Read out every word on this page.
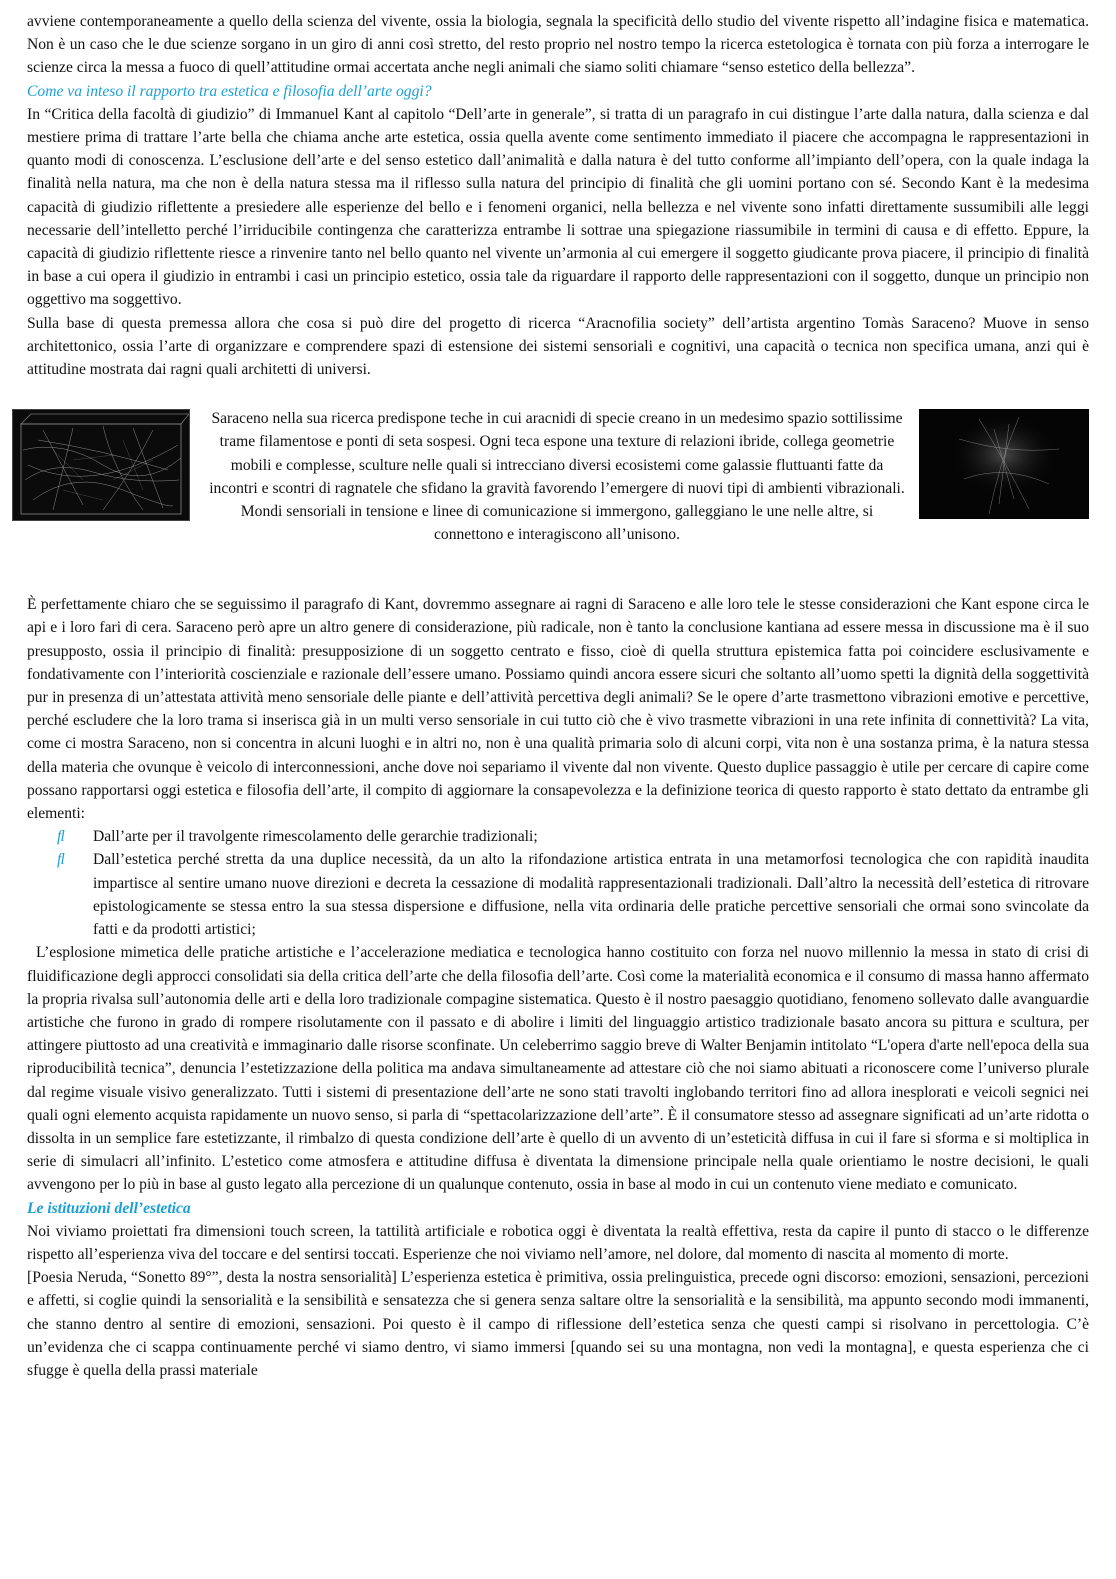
avviene contemporaneamente a quello della scienza del vivente, ossia la biologia, segnala la specificità dello studio del vivente rispetto all’indagine fisica e matematica. Non è un caso che le due scienze sorgano in un giro di anni così stretto, del resto proprio nel nostro tempo la ricerca estetologica è tornata con più forza a interrogare le scienze circa la messa a fuoco di quell’attitudine ormai accertata anche negli animali che siamo soliti chiamare “senso estetico della bellezza”.

Come va inteso il rapporto tra estetica e filosofia dell’arte oggi?

In “Critica della facoltà di giudizio” di Immanuel Kant al capitolo “Dell’arte in generale”, si tratta di un paragrafo in cui distingue l’arte dalla natura, dalla scienza e dal mestiere prima di trattare l’arte bella che chiama anche arte estetica, ossia quella avente come sentimento immediato il piacere che accompagna le rappresentazioni in quanto modi di conoscenza. L’esclusione dell’arte e del senso estetico dall’animalità e dalla natura è del tutto conforme all’impianto dell’opera, con la quale indaga la finalità nella natura, ma che non è della natura stessa ma il riflesso sulla natura del principio di finalità che gli uomini portano con sé. Secondo Kant è la medesima capacità di giudizio riflettente a presiedere alle esperienze del bello e i fenomeni organici, nella bellezza e nel vivente sono infatti direttamente sussumibili alle leggi necessarie dell’intelletto perché l’irriducibile contingenza che caratterizza entrambe li sottrae una spiegazione riassumibile in termini di causa e di effetto. Eppure, la capacità di giudizio riflettente riesce a rinvenire tanto nel bello quanto nel vivente un’armonia al cui emergere il soggetto giudicante prova piacere, il principio di finalità in base a cui opera il giudizio in entrambi i casi un principio estetico, ossia tale da riguardare il rapporto delle rappresentazioni con il soggetto, dunque un principio non oggettivo ma soggettivo.

Sulla base di questa premessa allora che cosa si può dire del progetto di ricerca “Aracnofilia society” dell’artista argentino Tomàs Saraceno? Muove in senso architettonico, ossia l’arte di organizzare e comprendere spazi di estensione dei sistemi sensoriali e cognitivi, una capacità o tecnica non specifica umana, anzi qui è attitudine mostrata dai ragni quali architetti di universi.

Saraceno nella sua ricerca predispone teche in cui aracnidi di specie creano in un medesimo spazio sottilissime trame filamentose e ponti di seta sospesi. Ogni teca espone una texture di relazioni ibride, collega geometrie mobili e complesse, sculture nelle quali si intrecciano diversi ecosistemi come galassie fluttuanti fatte da incontri e scontri di ragnatele che sfidano la gravità favorendo l’emergere di nuovi tipi di ambienti vibrazionali. Mondi sensoriali in tensione e linee di comunicazione si immergono, galleggiano le une nelle altre, si connettono e interagiscono all’unisono.

È perfettamente chiaro che se seguissimo il paragrafo di Kant, dovremmo assegnare ai ragni di Saraceno e alle loro tele le stesse considerazioni che Kant espone circa le api e i loro fari di cera. Saraceno però apre un altro genere di considerazione, più radicale, non è tanto la conclusione kantiana ad essere messa in discussione ma è il suo presupposto, ossia il principio di finalità: presupposizione di un soggetto centrato e fisso, cioè di quella struttura epistemica fatta poi coincidere esclusivamente e fondativamente con l’interiorità coscienziale e razionale dell’essere umano. Possiamo quindi ancora essere sicuri che soltanto all’uomo spetti la dignità della soggettività pur in presenza di un’attestata attività meno sensoriale delle piante e dell’attività percettiva degli animali? Se le opere d’arte trasmettono vibrazioni emotive e percettive, perché escludere che la loro trama si inserisca già in un multi verso sensoriale in cui tutto ciò che è vivo trasmette vibrazioni in una rete infinita di connettività? La vita, come ci mostra Saraceno, non si concentra in alcuni luoghi e in altri no, non è una qualità primaria solo di alcuni corpi, vita non è una sostanza prima, è la natura stessa della materia che ovunque è veicolo di interconnessioni, anche dove noi separiamo il vivente dal non vivente. Questo duplice passaggio è utile per cercare di capire come possano rapportarsi oggi estetica e filosofia dell’arte, il compito di aggiornare la consapevolezza e la definizione teorica di questo rapporto è stato dettato da entrambe gli elementi:

ﬂ Dall’arte per il travolgente rimescolamento delle gerarchie tradizionali;
ﬂ Dall’estetica perché stretta da una duplice necessità, da un alto la rifondazione artistica entrata in una metamorfosi tecnologica che con rapidità inaudita impartisce al sentire umano nuove direzioni e decreta la cessazione di modalità rappresentazionali tradizionali. Dall’altro la necessità dell’estetica di ritrovare epistologicamente se stessa entro la sua stessa dispersione e diffusione, nella vita ordinaria delle pratiche percettive sensoriali che ormai sono svincolate da fatti e da prodotti artistici;

L’esplosione mimetica delle pratiche artistiche e l’accelerazione mediatica e tecnologica hanno costituito con forza nel nuovo millennio la messa in stato di crisi di fluidificazione degli approcci consolidati sia della critica dell’arte che della filosofia dell’arte. Così come la materialità economica e il consumo di massa hanno affermato la propria rivalsa sull’autonomia delle arti e della loro tradizionale compagine sistematica. Questo è il nostro paesaggio quotidiano, fenomeno sollevato dalle avanguardie artistiche che furono in grado di rompere risolutamente con il passato e di abolire i limiti del linguaggio artistico tradizionale basato ancora su pittura e scultura, per attingere piuttosto ad una creatività e immaginario dalle risorse sconfinate. Un celeberrimo saggio breve di Walter Benjamin intitolato “L'opera d'arte nell'epoca della sua riproducibilità tecnica”, denuncia l’estetizzazione della politica ma andava simultaneamente ad attestare ciò che noi siamo abituati a riconoscere come l’universo plurale dal regime visuale visivo generalizzato. Tutti i sistemi di presentazione dell’arte ne sono stati travolti inglobando territori fino ad allora inesplorati e veicoli segnici nei quali ogni elemento acquista rapidamente un nuovo senso, si parla di “spettacolarizzazione dell’arte”. È il consumatore stesso ad assegnare significati ad un’arte ridotta o dissolta in un semplice fare estetizzante, il rimbalzo di questa condizione dell’arte è quello di un avvento di un’esteticità diffusa in cui il fare si sforma e si moltiplica in serie di simulacri all’infinito. L’estetico come atmosfera e attitudine diffusa è diventata la dimensione principale nella quale orientiamo le nostre decisioni, le quali avvengono per lo più in base al gusto legato alla percezione di un qualunque contenuto, ossia in base al modo in cui un contenuto viene mediato e comunicato.

Le istituzioni dell’estetica

Noi viviamo proiettati fra dimensioni touch screen, la tattilità artificiale e robotica oggi è diventata la realtà effettiva, resta da capire il punto di stacco o le differenze rispetto all’esperienza viva del toccare e del sentirsi toccati. Esperienze che noi viviamo nell’amore, nel dolore, dal momento di nascita al momento di morte.

[Poesia Neruda, “Sonetto 89°”, desta la nostra sensorialità] L’esperienza estetica è primitiva, ossia prelinguistica, precede ogni discorso: emozioni, sensazioni, percezioni e affetti, si coglie quindi la sensorialità e la sensibilità e sensatezza che si genera senza saltare oltre la sensorialità e la sensibilità, ma appunto secondo modi immanenti, che stanno dentro al sentire di emozioni, sensazioni. Poi questo è il campo di riflessione dell’estetica senza che questi campi si risolvano in percettologia. C’è un’evidenza che ci scappa continuamente perché vi siamo dentro, vi siamo immersi [quando sei su una montagna, non vedi la montagna], e questa esperienza che ci sfugge è quella della prassi materiale
